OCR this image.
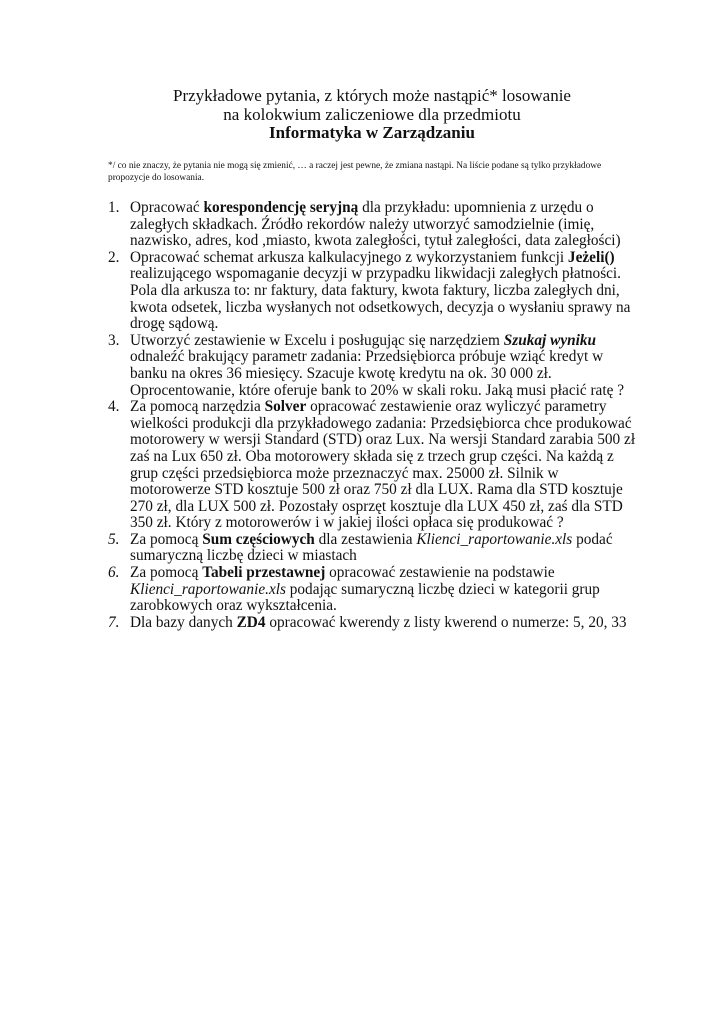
Przykładowe pytania, z których może nastąpić* losowanie
na kolokwium zaliczeniowe dla przedmiotu
Informatyka w Zarządzaniu
*/ co nie znaczy, że pytania nie mogą się zmienić, … a raczej jest pewne, że zmiana nastąpi. Na liście podane są tylko przykładowe propozycje do losowania.
1. Opracować korespondencję seryjną dla przykładu: upomnienia z urzędu o zaległych składkach. Źródło rekordów należy utworzyć samodzielnie (imię, nazwisko, adres, kod ,miasto, kwota zaległości, tytuł zaległości, data zaległości)
2. Opracować schemat arkusza kalkulacyjnego z wykorzystaniem funkcji Jeżeli() realizującego wspomaganie decyzji w przypadku likwidacji zaległych płatności. Pola dla arkusza to: nr faktury, data faktury, kwota faktury, liczba zaległych dni, kwota odsetek, liczba wysłanych not odsetkowych, decyzja o wysłaniu sprawy na drogę sądową.
3. Utworzyć zestawienie w Excelu i posługując się narzędziem Szukaj wyniku odnaleźć brakujący parametr zadania: Przedsiębiorca próbuje wziąć kredyt w banku na okres 36 miesięcy. Szacuje kwotę kredytu na ok. 30 000 zł. Oprocentowanie, które oferuje bank to 20% w skali roku. Jaką musi płacić ratę ?
4. Za pomocą narzędzia Solver opracować zestawienie oraz wyliczyć parametry wielkości produkcji dla przykładowego zadania: Przedsiębiorca chce produkować motorowery w wersji Standard (STD) oraz Lux. Na wersji Standard zarabia 500 zł zaś na Lux 650 zł. Oba motorowery składa się z trzech grup części. Na każdą z grup części przedsiębiorca może przeznaczyć max. 25000 zł. Silnik w motorowerze STD kosztuje 500 zł oraz 750 zł dla LUX. Rama dla STD kosztuje 270 zł, dla LUX 500 zł. Pozostały osprzęt kosztuje dla LUX 450 zł, zaś dla STD 350 zł. Który z motorowerów i w jakiej ilości opłaca się produkować ?
5. Za pomocą Sum częściowych dla zestawienia Klienci_raportowanie.xls podać sumaryczną liczbę dzieci w miastach
6. Za pomocą Tabeli przestawnej opracować zestawienie na podstawie Klienci_raportowanie.xls podając sumaryczną liczbę dzieci w kategorii grup zarobkowych oraz wykształcenia.
7. Dla bazy danych ZD4 opracować kwerendy z listy kwerend o numerze: 5, 20, 33
